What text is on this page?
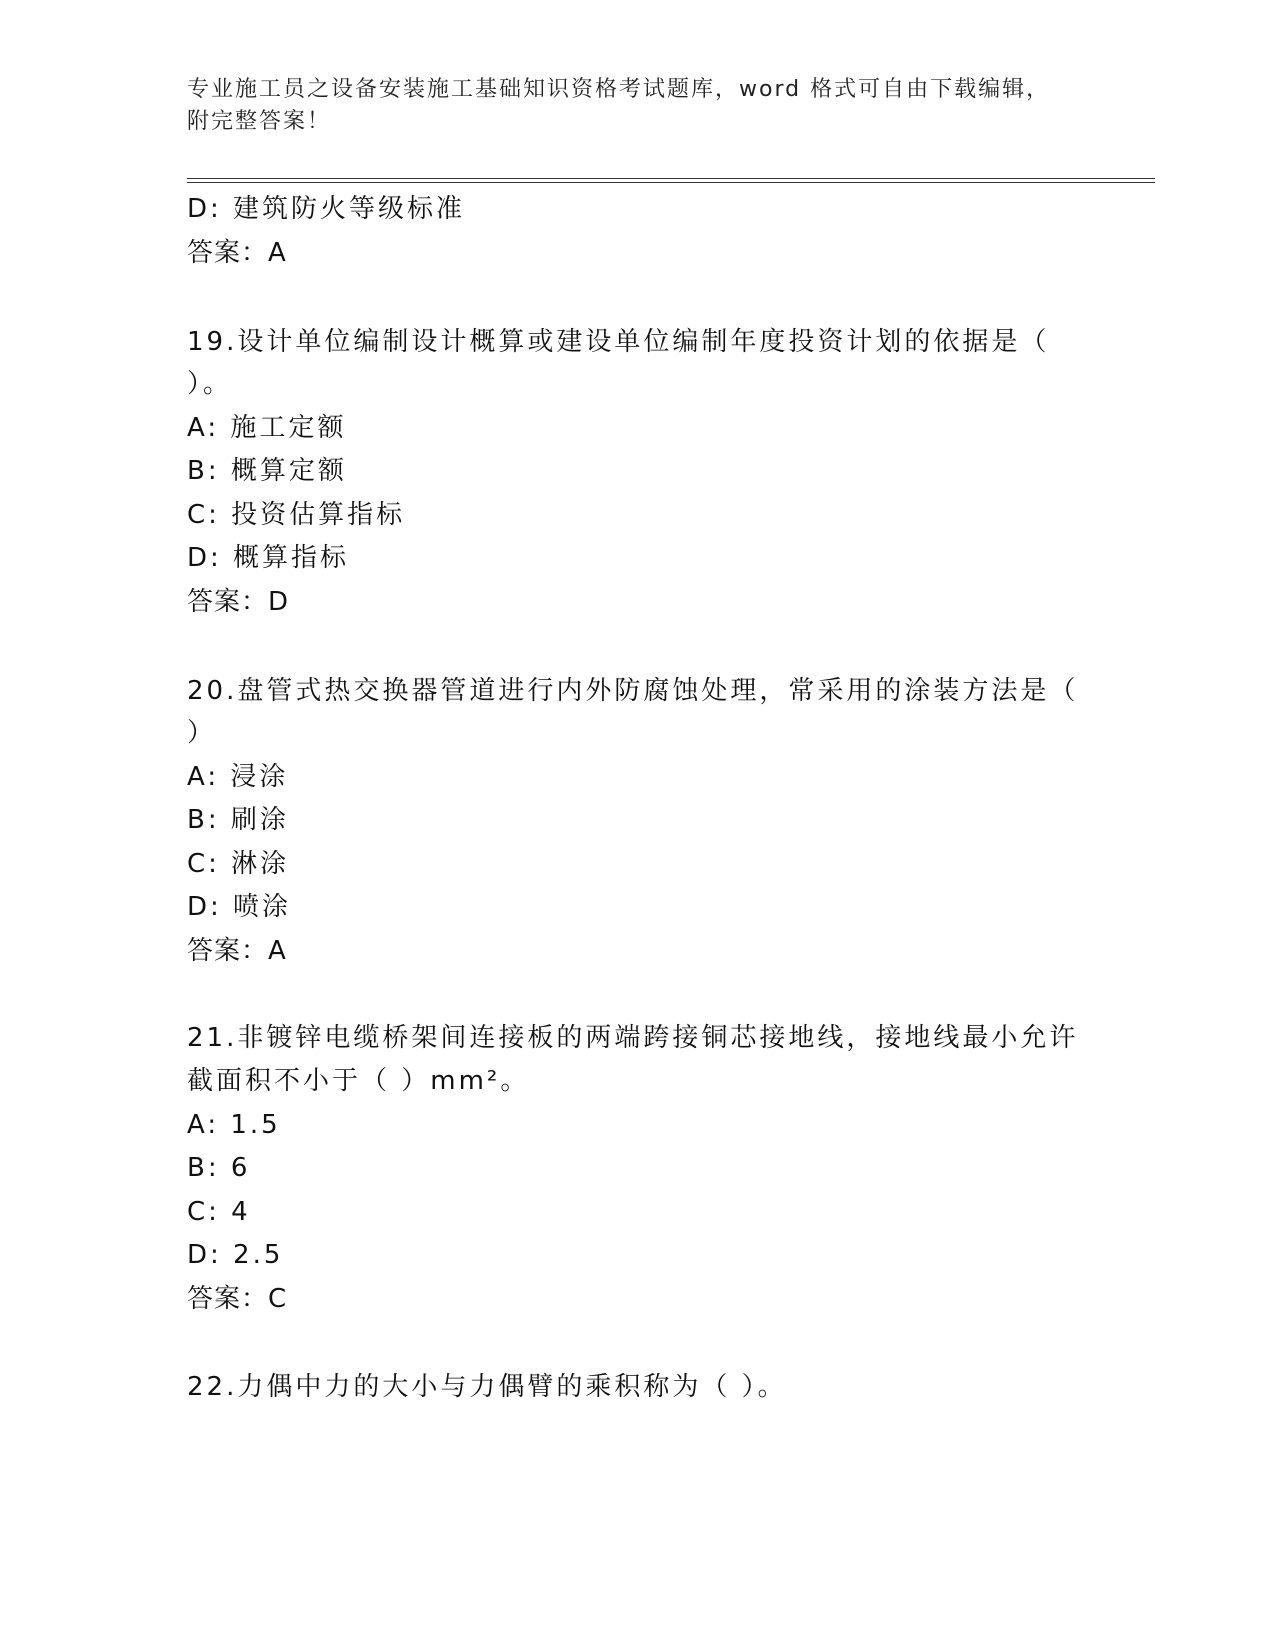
专业施工员之设备安装施工基础知识资格考试题库，word 格式可自由下载编辑，
附完整答案！
D: 建筑防火等级标准
答案：A
19.设计单位编制设计概算或建设单位编制年度投资计划的依据是（
）。
A: 施工定额
B: 概算定额
C: 投资估算指标
D: 概算指标
答案：D
20.盘管式热交换器管道进行内外防腐蚀处理，常采用的涂装方法是（
）
A: 浸涂
B: 刷涂
C: 淋涂
D: 喷涂
答案：A
21.非镀锌电缆桥架间连接板的两端跨接铜芯接地线，接地线最小允许
截面积不小于（ ）mm²。
A: 1.5
B: 6
C: 4
D: 2.5
答案：C
22.力偶中力的大小与力偶臂的乘积称为（ ）。
